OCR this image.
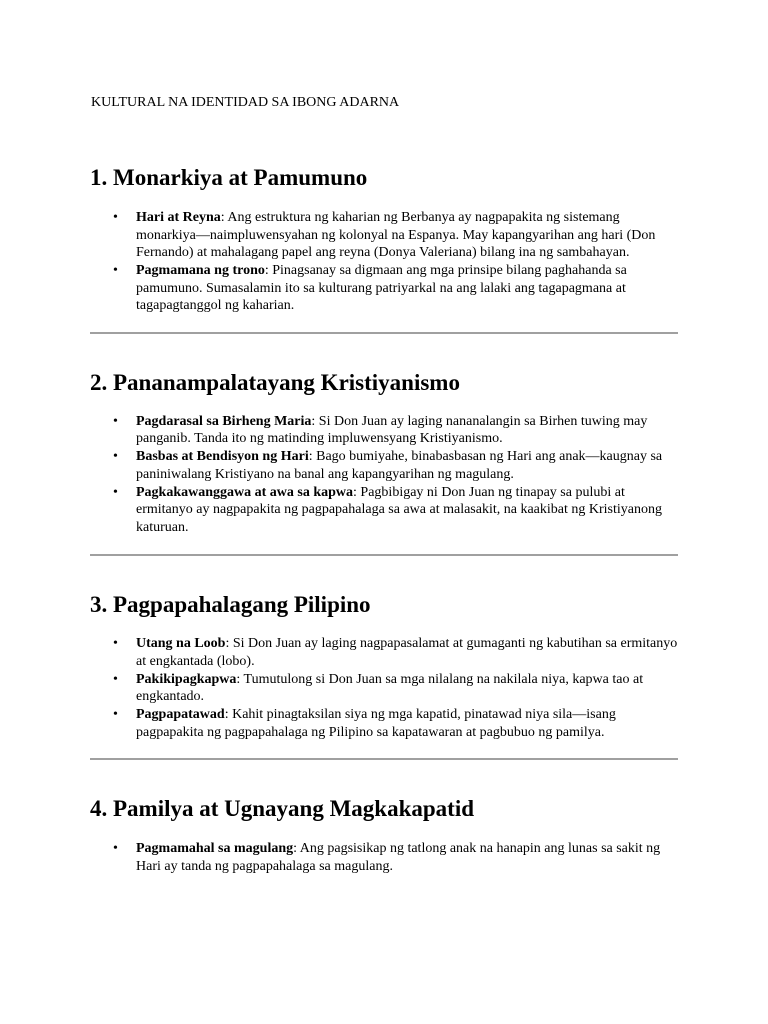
KULTURAL NA IDENTIDAD SA IBONG ADARNA
1. Monarkiya at Pamumuno
• Hari at Reyna: Ang estruktura ng kaharian ng Berbanya ay nagpapakita ng sistemang monarkiya—naimpluwensyahan ng kolonyal na Espanya. May kapangyarihan ang hari (Don Fernando) at mahalagang papel ang reyna (Donya Valeriana) bilang ina ng sambahayan.
• Pagmamana ng trono: Pinagsanay sa digmaan ang mga prinsipe bilang paghahanda sa pamumuno. Sumasalamin ito sa kulturang patriyarkal na ang lalaki ang tagapagmana at tagapagtanggol ng kaharian.
2. Pananampalatayang Kristiyanismo
• Pagdarasal sa Birheng Maria: Si Don Juan ay laging nananalangin sa Birhen tuwing may panganib. Tanda ito ng matinding impluwensyang Kristiyanismo.
• Basbas at Bendisyon ng Hari: Bago bumiyahe, binabasbasan ng Hari ang anak—kaugnay sa paniniwalang Kristiyano na banal ang kapangyarihan ng magulang.
• Pagkakawanggawa at awa sa kapwa: Pagbibigay ni Don Juan ng tinapay sa pulubi at ermitanyo ay nagpapakita ng pagpapahalaga sa awa at malasakit, na kaakibat ng Kristiyanong katuruan.
3. Pagpapahalagang Pilipino
• Utang na Loob: Si Don Juan ay laging nagpapasalamat at gumaganti ng kabutihan sa ermitanyo at engkantada (lobo).
• Pakikipagkapwa: Tumutulong si Don Juan sa mga nilalang na nakilala niya, kapwa tao at engkantado.
• Pagpapatawad: Kahit pinagtaksilan siya ng mga kapatid, pinatawad niya sila—isang pagpapakita ng pagpapahalaga ng Pilipino sa kapatawaran at pagbubuo ng pamilya.
4. Pamilya at Ugnayang Magkakapatid
• Pagmamahal sa magulang: Ang pagsisikap ng tatlong anak na hanapin ang lunas sa sakit ng Hari ay tanda ng pagpapahalaga sa magulang.
